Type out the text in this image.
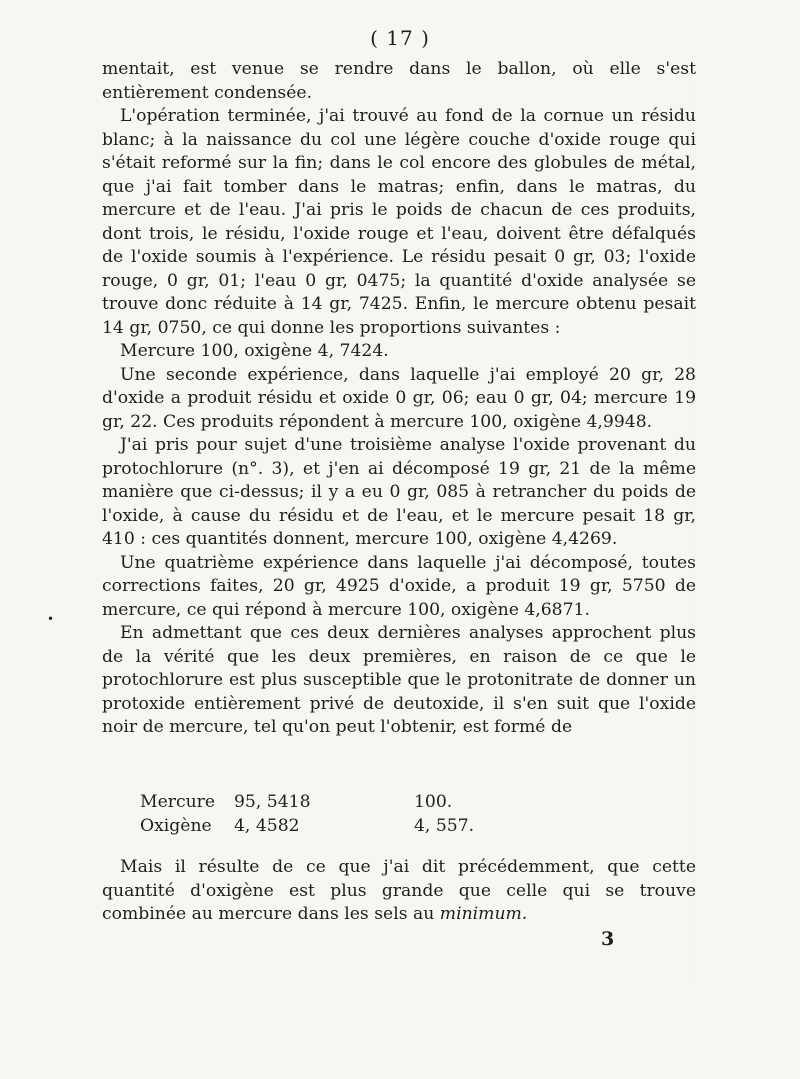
( 17 )

mentait, est venue se rendre dans le ballon, où elle s'est entièrement condensée.

L'opération terminée, j'ai trouvé au fond de la cornue un résidu blanc; à la naissance du col une légère couche d'oxide rouge qui s'était reformé sur la fin; dans le col encore des globules de métal, que j'ai fait tomber dans le matras; enfin, dans le matras, du mercure et de l'eau. J'ai pris le poids de chacun de ces produits, dont trois, le résidu, l'oxide rouge et l'eau, doivent être défalqués de l'oxide soumis à l'expérience. Le résidu pesait 0 gr, 03; l'oxide rouge, 0 gr, 01; l'eau 0 gr, 0475; la quantité d'oxide analysée se trouve donc réduite à 14 gr, 7425. Enfin, le mercure obtenu pesait 14 gr, 0750, ce qui donne les proportions suivantes :

Mercure 100, oxigène 4, 7424.

Une seconde expérience, dans laquelle j'ai employé 20 gr, 28 d'oxide a produit résidu et oxide 0 gr, 06; eau 0 gr, 04; mercure 19 gr, 22. Ces produits répondent à mercure 100, oxigène 4,9948.

J'ai pris pour sujet d'une troisième analyse l'oxide provenant du protochlorure (n°. 3), et j'en ai décomposé 19 gr, 21 de la même manière que ci-dessus; il y a eu 0 gr, 085 à retrancher du poids de l'oxide, à cause du résidu et de l'eau, et le mercure pesait 18 gr, 410 : ces quantités donnent, mercure 100, oxigène 4,4269.

Une quatrième expérience dans laquelle j'ai décomposé, toutes corrections faites, 20 gr, 4925 d'oxide, a produit 19 gr, 5750 de mercure, ce qui répond à mercure 100, oxigène 4,6871.

En admettant que ces deux dernières analyses approchent plus de la vérité que les deux premières, en raison de ce que le protochlorure est plus susceptible que le protonitrate de donner un protoxide entièrement privé de deutoxide, il s'en suit que l'oxide noir de mercure, tel qu'on peut l'obtenir, est formé de

Mercure	95, 5418	100.
Oxigène	4, 4582	4, 557.

Mais il résulte de ce que j'ai dit précédemment, que cette quantité d'oxigène est plus grande que celle qui se trouve combinée au mercure dans les sels au minimum.

3
•
